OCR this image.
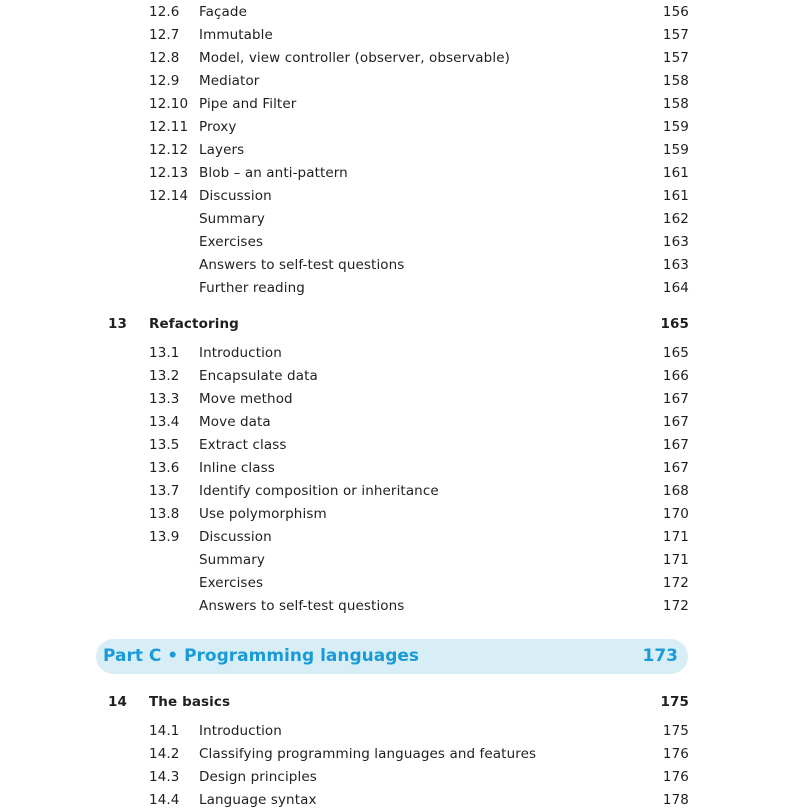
12.6 Façade	156
12.7 Immutable	157
12.8 Model, view controller (observer, observable)	157
12.9 Mediator	158
12.10 Pipe and Filter	158
12.11 Proxy	159
12.12 Layers	159
12.13 Blob – an anti-pattern	161
12.14 Discussion	161
Summary	162
Exercises	163
Answers to self-test questions	163
Further reading	164
13 Refactoring	165
13.1 Introduction	165
13.2 Encapsulate data	166
13.3 Move method	167
13.4 Move data	167
13.5 Extract class	167
13.6 Inline class	167
13.7 Identify composition or inheritance	168
13.8 Use polymorphism	170
13.9 Discussion	171
Summary	171
Exercises	172
Answers to self-test questions	172
Part C • Programming languages	173
14 The basics	175
14.1 Introduction	175
14.2 Classifying programming languages and features	176
14.3 Design principles	176
14.4 Language syntax	178
